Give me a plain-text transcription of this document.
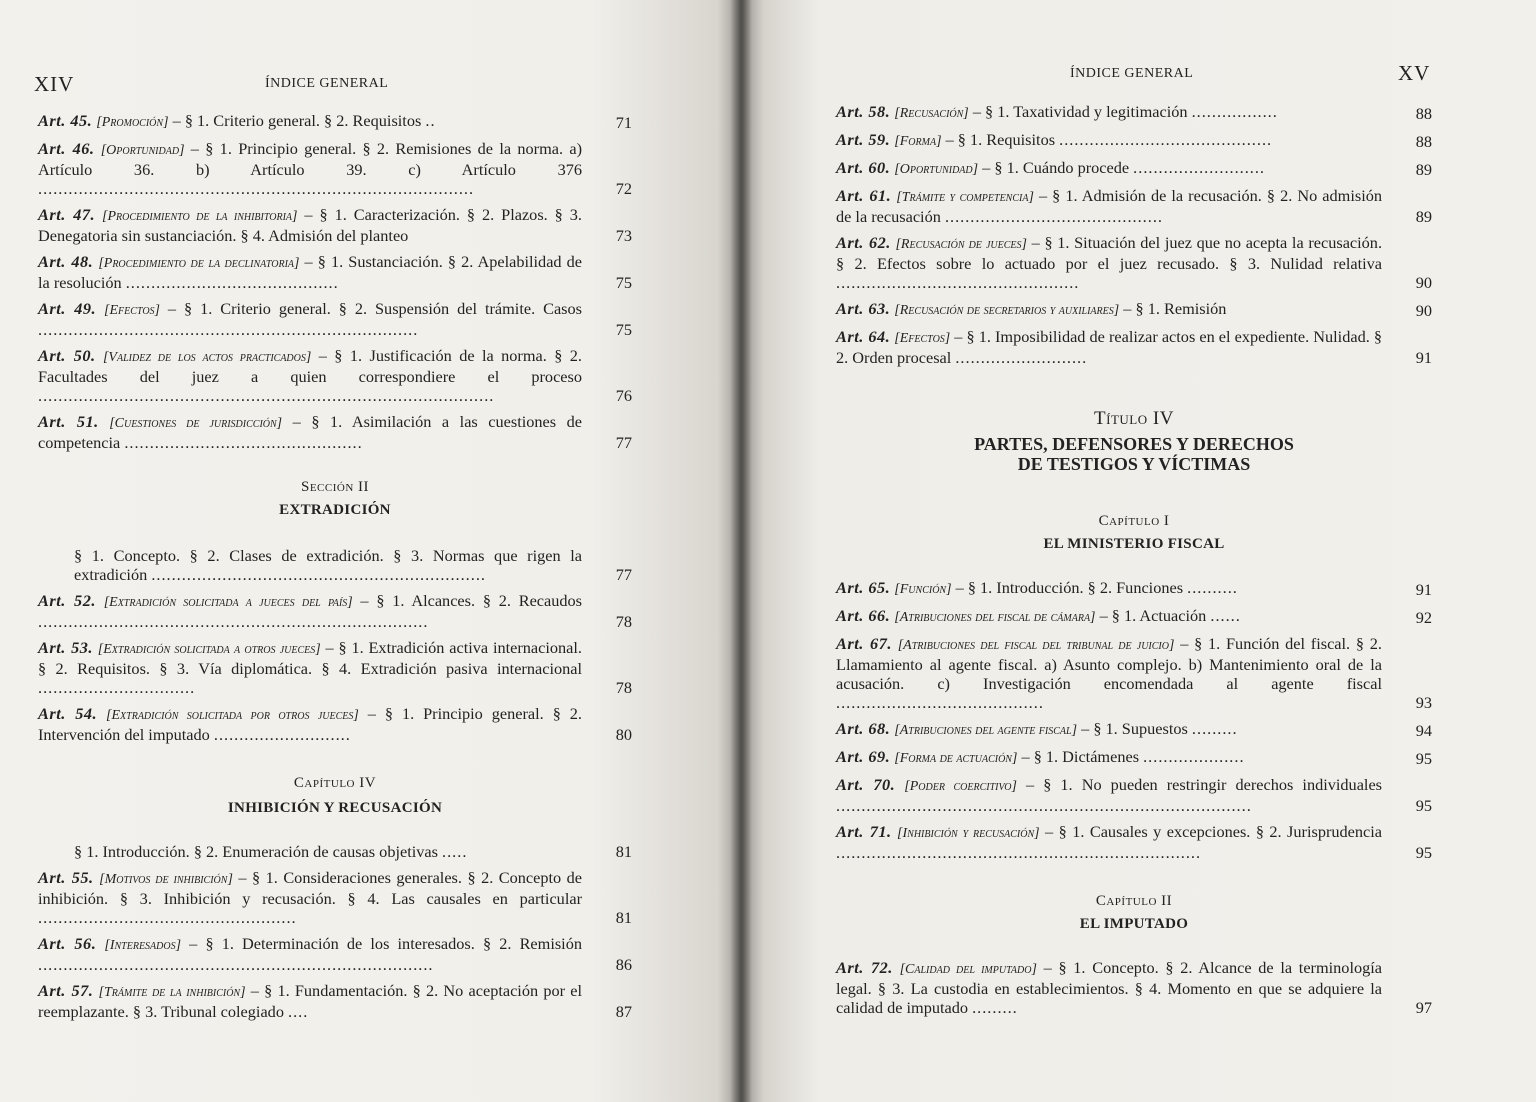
XIV	ÍNDICE GENERAL
Art. 45. [Promoción] – § 1. Criterio general. § 2. Requisitos ..	71
Art. 46. [Oportunidad] – § 1. Principio general. § 2. Remisiones de la norma. a) Artículo 36. b) Artículo 39. c) Artículo 376 ......................................................................................	72
Art. 47. [Procedimiento de la inhibitoria] – § 1. Caracterización. § 2. Plazos. § 3. Denegatoria sin sustanciación. § 4. Admisión del planteo	73
Art. 48. [Procedimiento de la declinatoria] – § 1. Sustanciación. § 2. Apelabilidad de la resolución ..........................................	75
Art. 49. [Efectos] – § 1. Criterio general. § 2. Suspensión del trámite. Casos ...........................................................................	75
Art. 50. [Validez de los actos practicados] – § 1. Justificación de la norma. § 2. Facultades del juez a quien correspondiere el proceso ..........................................................................................	76
Art. 51. [Cuestiones de jurisdicción] – § 1. Asimilación a las cuestiones de competencia ...............................................	77
Sección II
EXTRADICIÓN
§ 1. Concepto. § 2. Clases de extradición. § 3. Normas que rigen la extradición ..................................................................	77
Art. 52. [Extradición solicitada a jueces del país] – § 1. Alcances. § 2. Recaudos .............................................................................	78
Art. 53. [Extradición solicitada a otros jueces] – § 1. Extradición activa internacional. § 2. Requisitos. § 3. Vía diplomática. § 4. Extradición pasiva internacional ...............................	78
Art. 54. [Extradición solicitada por otros jueces] – § 1. Principio general. § 2. Intervención del imputado ...........................	80
Capítulo IV
INHIBICIÓN Y RECUSACIÓN
§ 1. Introducción. § 2. Enumeración de causas objetivas .....	81
Art. 55. [Motivos de inhibición] – § 1. Consideraciones generales. § 2. Concepto de inhibición. § 3. Inhibición y recusación. § 4. Las causales en particular ...................................................	81
Art. 56. [Interesados] – § 1. Determinación de los interesados. § 2. Remisión ..............................................................................	86
Art. 57. [Trámite de la inhibición] – § 1. Fundamentación. § 2. No aceptación por el reemplazante. § 3. Tribunal colegiado ....	87
ÍNDICE GENERAL	XV
Art. 58. [Recusación] – § 1. Taxatividad y legitimación .................	88
Art. 59. [Forma] – § 1. Requisitos ..........................................	88
Art. 60. [Oportunidad] – § 1. Cuándo procede ..........................	89
Art. 61. [Trámite y competencia] – § 1. Admisión de la recusación. § 2. No admisión de la recusación ...........................................	89
Art. 62. [Recusación de jueces] – § 1. Situación del juez que no acepta la recusación. § 2. Efectos sobre lo actuado por el juez recusado. § 3. Nulidad relativa ................................................	90
Art. 63. [Recusación de secretarios y auxiliares] – § 1. Remisión	90
Art. 64. [Efectos] – § 1. Imposibilidad de realizar actos en el expediente. Nulidad. § 2. Orden procesal ..........................	91
Título IV
PARTES, DEFENSORES Y DERECHOS
DE TESTIGOS Y VÍCTIMAS
Capítulo I
EL MINISTERIO FISCAL
Art. 65. [Función] – § 1. Introducción. § 2. Funciones ..........	91
Art. 66. [Atribuciones del fiscal de cámara] – § 1. Actuación ......	92
Art. 67. [Atribuciones del fiscal del tribunal de juicio] – § 1. Función del fiscal. § 2. Llamamiento al agente fiscal. a) Asunto complejo. b) Mantenimiento oral de la acusación. c) Investigación encomendada al agente fiscal .........................................	93
Art. 68. [Atribuciones del agente fiscal] – § 1. Supuestos .........	94
Art. 69. [Forma de actuación] – § 1. Dictámenes ....................	95
Art. 70. [Poder coercitivo] – § 1. No pueden restringir derechos individuales ..................................................................................	95
Art. 71. [Inhibición y recusación] – § 1. Causales y excepciones. § 2. Jurisprudencia ........................................................................	95
Capítulo II
EL IMPUTADO
Art. 72. [Calidad del imputado] – § 1. Concepto. § 2. Alcance de la terminología legal. § 3. La custodia en establecimientos. § 4. Momento en que se adquiere la calidad de imputado .........	97
